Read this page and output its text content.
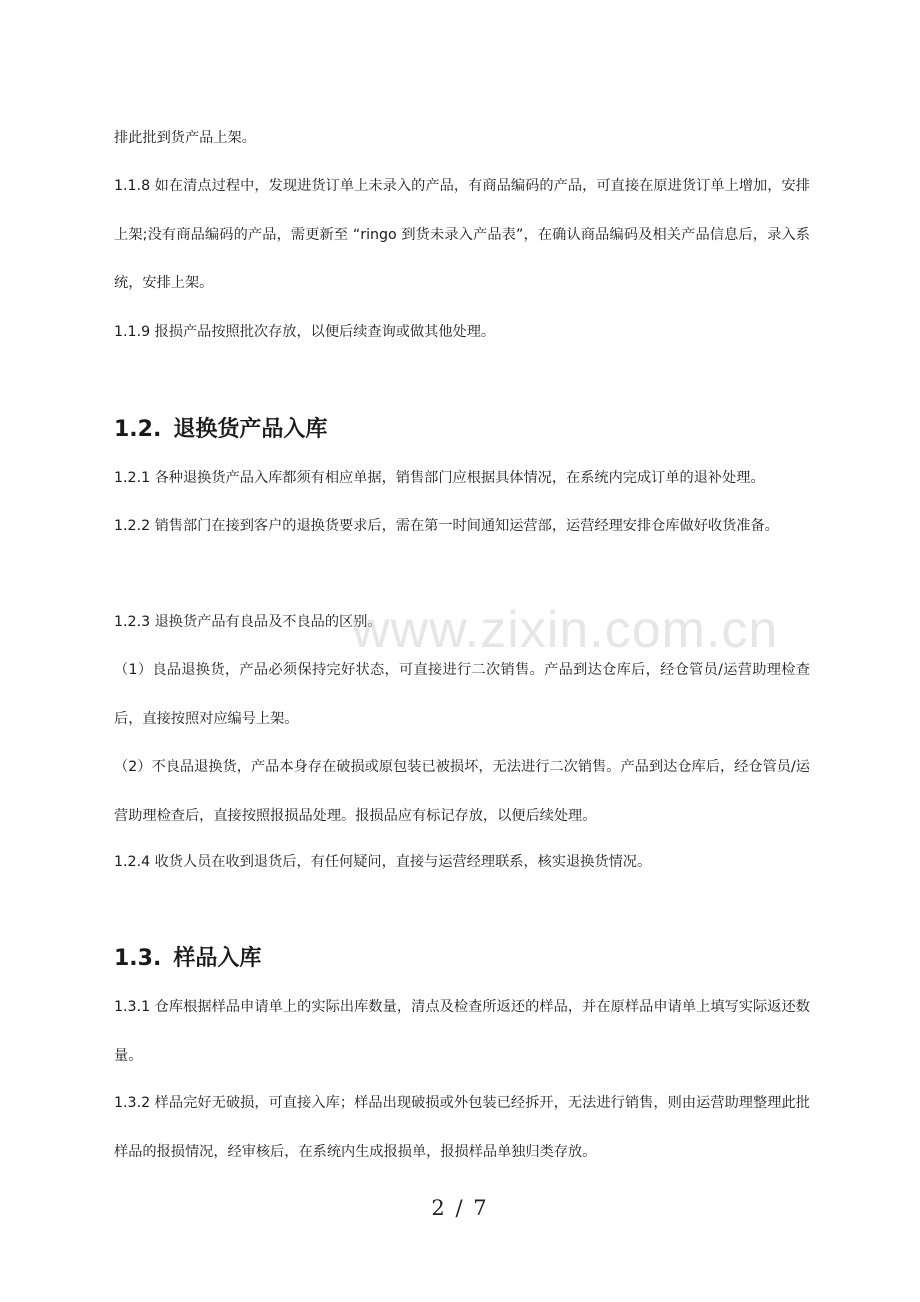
排此批到货产品上架。

1.1.8 如在清点过程中，发现进货订单上未录入的产品，有商品编码的产品，可直接在原进货订单上增加，安排上架;没有商品编码的产品，需更新至 “ringo 到货未录入产品表”，在确认商品编码及相关产品信息后，录入系统，安排上架。

1.1.9 报损产品按照批次存放，以便后续查询或做其他处理。

1.2. 退换货产品入库

1.2.1 各种退换货产品入库都须有相应单据，销售部门应根据具体情况，在系统内完成订单的退补处理。

1.2.2 销售部门在接到客户的退换货要求后，需在第一时间通知运营部，运营经理安排仓库做好收货准备。

1.2.3 退换货产品有良品及不良品的区别。

（1）良品退换货，产品必须保持完好状态，可直接进行二次销售。产品到达仓库后，经仓管员/运营助理检查后，直接按照对应编号上架。

（2）不良品退换货，产品本身存在破损或原包装已被损坏，无法进行二次销售。产品到达仓库后，经仓管员/运营助理检查后，直接按照报损品处理。报损品应有标记存放，以便后续处理。

1.2.4 收货人员在收到退货后，有任何疑问，直接与运营经理联系，核实退换货情况。

1.3. 样品入库

1.3.1 仓库根据样品申请单上的实际出库数量，清点及检查所返还的样品，并在原样品申请单上填写实际返还数量。

1.3.2 样品完好无破损，可直接入库；样品出现破损或外包装已经拆开，无法进行销售，则由运营助理整理此批样品的报损情况，经审核后，在系统内生成报损单，报损样品单独归类存放。

www.zixin.com.cn
2 / 7
